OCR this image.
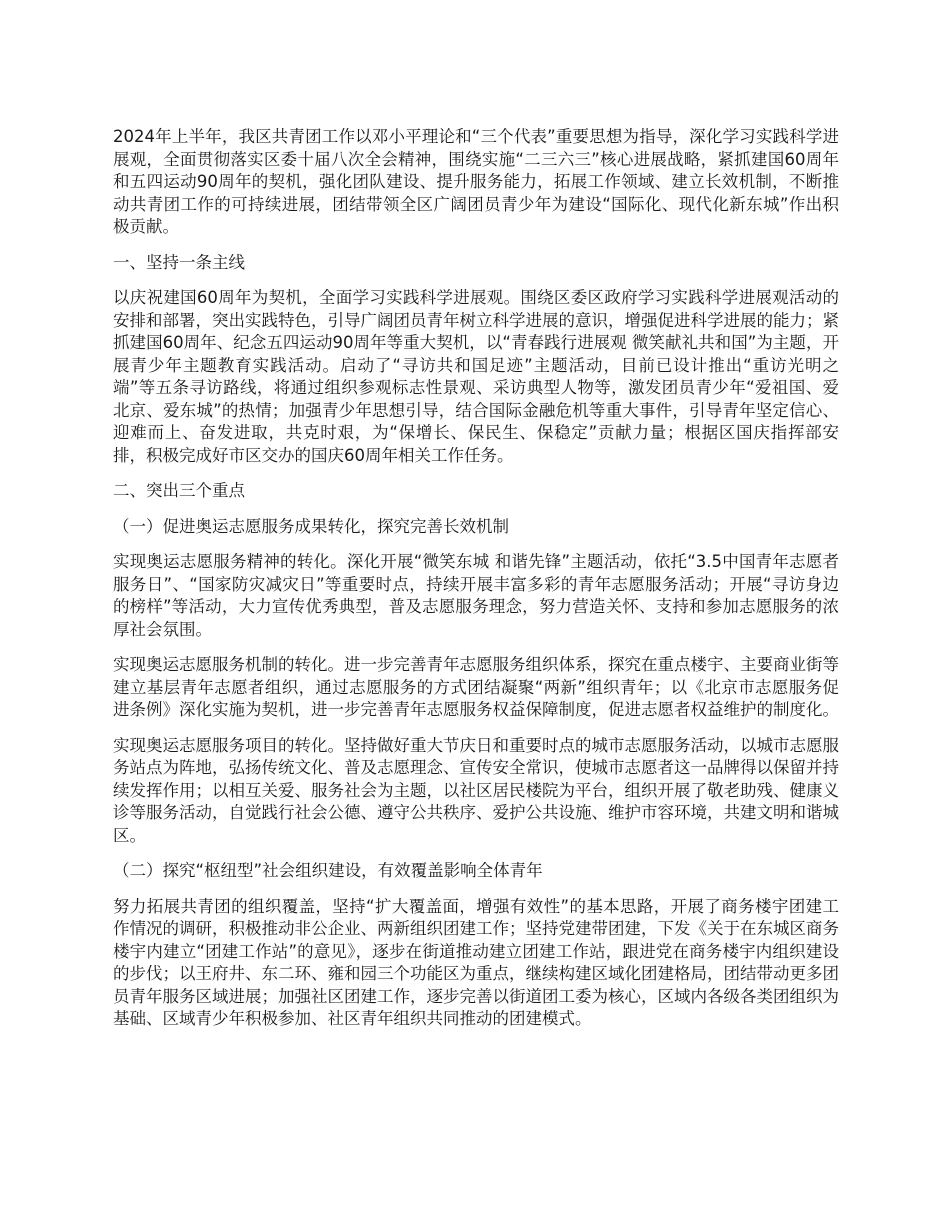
2024年上半年，我区共青团工作以邓小平理论和“三个代表”重要思想为指导，深化学习实践科学进展观，全面贯彻落实区委十届八次全会精神，围绕实施“二三六三”核心进展战略，紧抓建国60周年和五四运动90周年的契机，强化团队建设、提升服务能力，拓展工作领域、建立长效机制，不断推动共青团工作的可持续进展，团结带领全区广阔团员青少年为建设“国际化、现代化新东城”作出积极贡献。

一、坚持一条主线

以庆祝建国60周年为契机，全面学习实践科学进展观。围绕区委区政府学习实践科学进展观活动的安排和部署，突出实践特色，引导广阔团员青年树立科学进展的意识，增强促进科学进展的能力；紧抓建国60周年、纪念五四运动90周年等重大契机，以“青春践行进展观 微笑献礼共和国”为主题，开展青少年主题教育实践活动。启动了“寻访共和国足迹”主题活动，目前已设计推出“重访光明之端”等五条寻访路线，将通过组织参观标志性景观、采访典型人物等，激发团员青少年“爱祖国、爱北京、爱东城”的热情；加强青少年思想引导，结合国际金融危机等重大事件，引导青年坚定信心、迎难而上、奋发进取，共克时艰，为“保增长、保民生、保稳定”贡献力量；根据区国庆指挥部安排，积极完成好市区交办的国庆60周年相关工作任务。

二、突出三个重点

（一）促进奥运志愿服务成果转化，探究完善长效机制

实现奥运志愿服务精神的转化。深化开展“微笑东城 和谐先锋”主题活动，依托“3.5中国青年志愿者服务日”、“国家防灾减灾日”等重要时点，持续开展丰富多彩的青年志愿服务活动；开展“寻访身边的榜样”等活动，大力宣传优秀典型，普及志愿服务理念，努力营造关怀、支持和参加志愿服务的浓厚社会氛围。

实现奥运志愿服务机制的转化。进一步完善青年志愿服务组织体系，探究在重点楼宇、主要商业街等建立基层青年志愿者组织，通过志愿服务的方式团结凝聚“两新”组织青年；以《北京市志愿服务促进条例》深化实施为契机，进一步完善青年志愿服务权益保障制度，促进志愿者权益维护的制度化。

实现奥运志愿服务项目的转化。坚持做好重大节庆日和重要时点的城市志愿服务活动，以城市志愿服务站点为阵地，弘扬传统文化、普及志愿理念、宣传安全常识，使城市志愿者这一品牌得以保留并持续发挥作用；以相互关爱、服务社会为主题，以社区居民楼院为平台，组织开展了敬老助残、健康义诊等服务活动，自觉践行社会公德、遵守公共秩序、爱护公共设施、维护市容环境，共建文明和谐城区。

（二）探究“枢纽型”社会组织建设，有效覆盖影响全体青年

努力拓展共青团的组织覆盖，坚持“扩大覆盖面，增强有效性”的基本思路，开展了商务楼宇团建工作情况的调研，积极推动非公企业、两新组织团建工作；坚持党建带团建，下发《关于在东城区商务楼宇内建立“团建工作站”的意见》，逐步在街道推动建立团建工作站，跟进党在商务楼宇内组织建设的步伐；以王府井、东二环、雍和园三个功能区为重点，继续构建区域化团建格局，团结带动更多团员青年服务区域进展；加强社区团建工作，逐步完善以街道团工委为核心，区域内各级各类团组织为基础、区域青少年积极参加、社区青年组织共同推动的团建模式。
